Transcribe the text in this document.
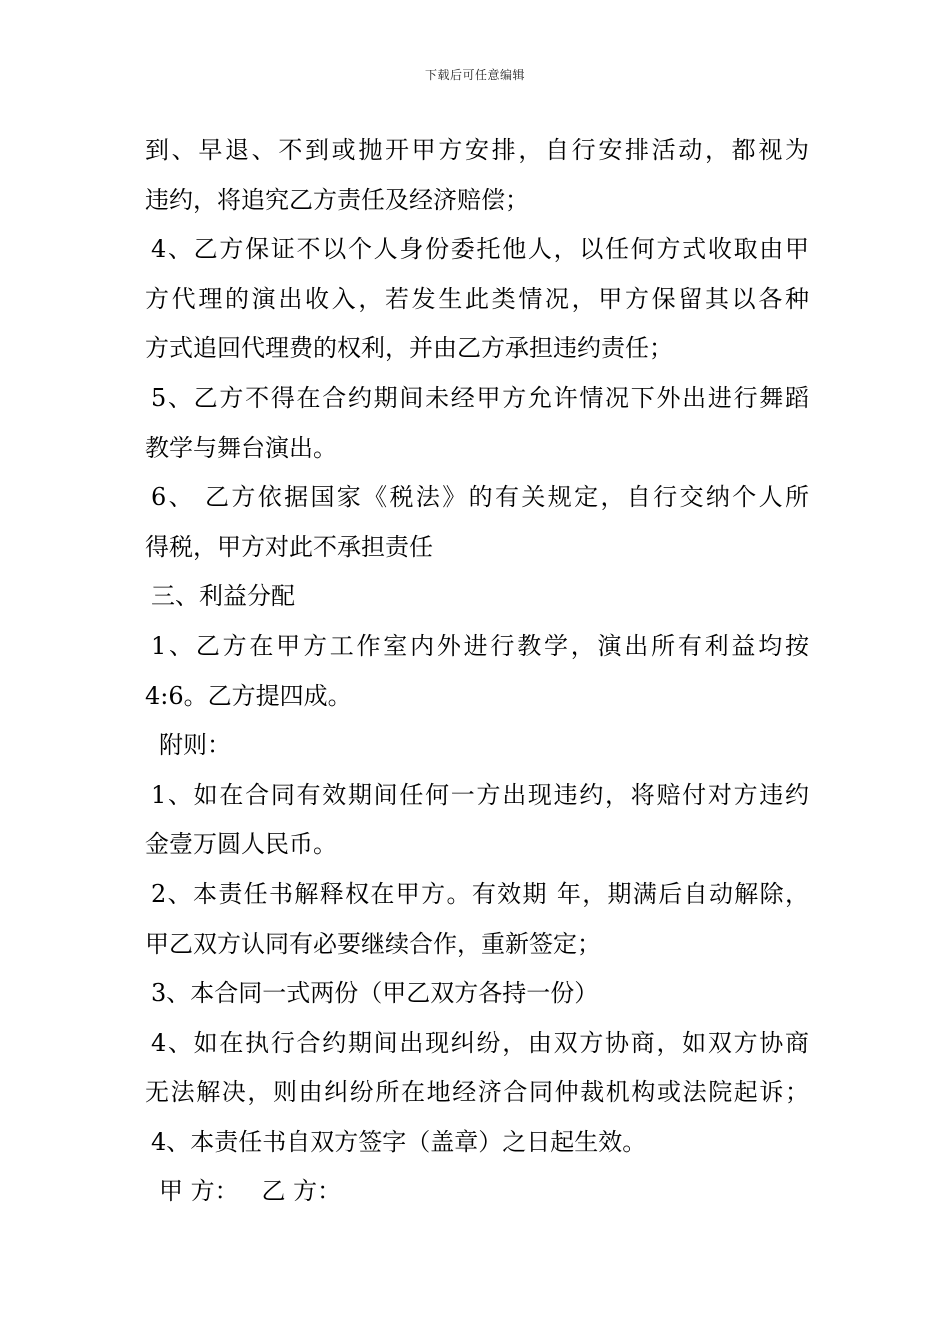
下载后可任意编辑
到、早退、不到或抛开甲方安排，自行安排活动，都视为
违约，将追究乙方责任及经济赔偿；
4、乙方保证不以个人身份委托他人，以任何方式收取由甲
方代理的演出收入，若发生此类情况，甲方保留其以各种
方式追回代理费的权利，并由乙方承担违约责任；
5、乙方不得在合约期间未经甲方允许情况下外出进行舞蹈
教学与舞台演出。
6、 乙方依据国家《税法》的有关规定，自行交纳个人所
得税，甲方对此不承担责任
三、利益分配
1、乙方在甲方工作室内外进行教学，演出所有利益均按
4:6。乙方提四成。
附则：
1、如在合同有效期间任何一方出现违约，将赔付对方违约
金壹万圆人民币。
2、本责任书解释权在甲方。有效期 年，期满后自动解除，
甲乙双方认同有必要继续合作，重新签定；
3、本合同一式两份（甲乙双方各持一份）
4、如在执行合约期间出现纠纷，由双方协商，如双方协商
无法解决，则由纠纷所在地经济合同仲裁机构或法院起诉；
4、本责任书自双方签字（盖章）之日起生效。
甲 方：   乙 方：
